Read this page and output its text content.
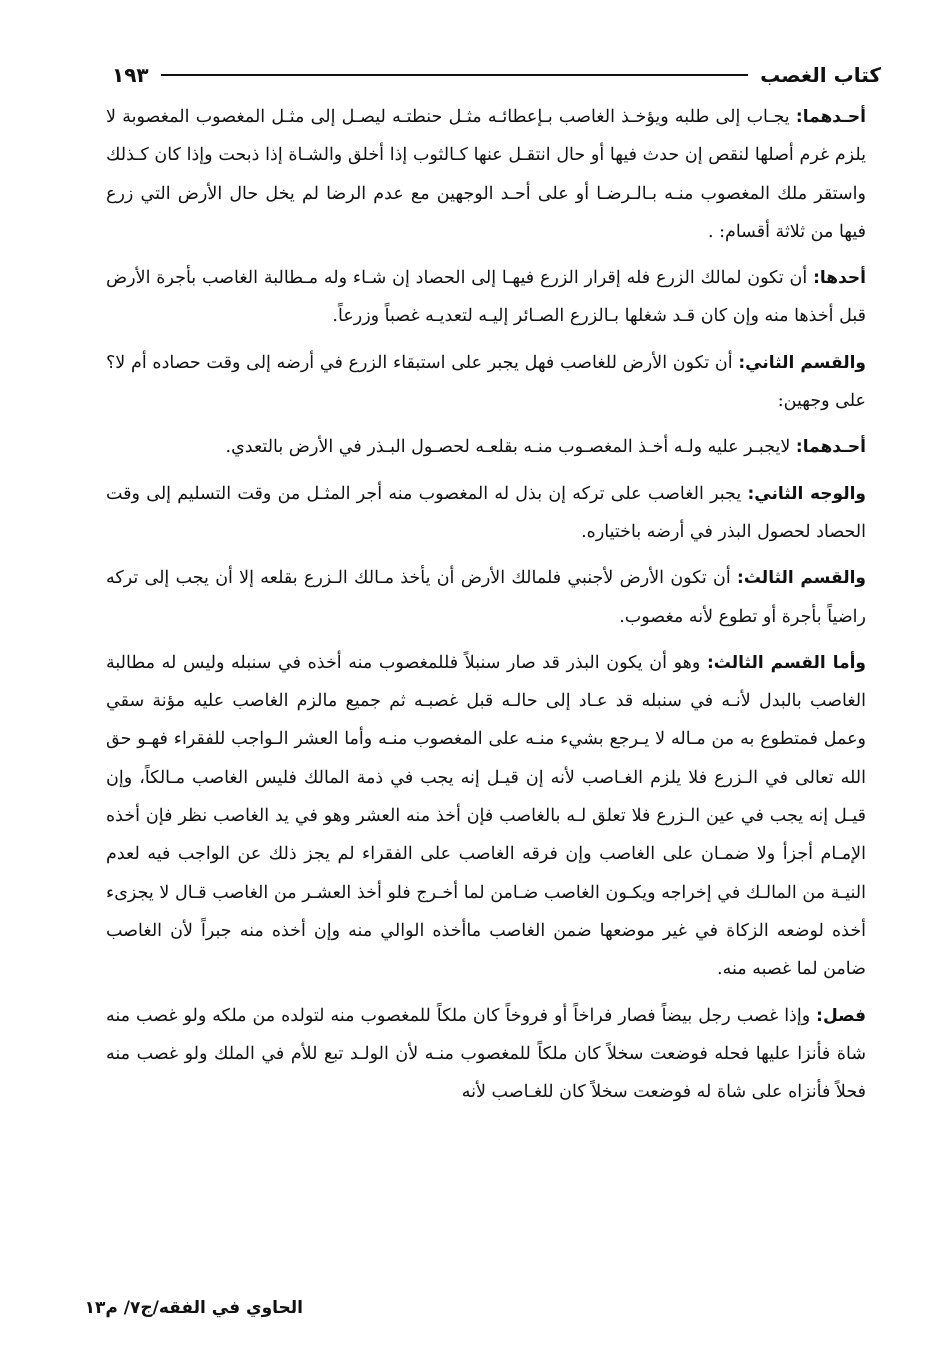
كتاب الغصب
١٩٣

أحـدهما: يجـاب إلى طلبه ويؤخـذ الغاصب بـإعطائـه مثـل حنطتـه ليصـل إلى مثـل المغصوب المغصوبة لا يلزم غرم أصلها لنقص إن حدث فيها أو حال انتقـل عنها كـالثوب إذا أخلق والشـاة إذا ذبحت وإذا كان كـذلك واستقر ملك المغصوب منـه بـالـرضـا أو على أحـد الوجهين مع عدم الرضا لم يخل حال الأرض التي زرع فيها من ثلاثة أقسام: .

أحدها: أن تكون لمالك الزرع فله إقرار الزرع فيهـا إلى الحصاد إن شـاء وله مـطالبة الغاصب بأجرة الأرض قبل أخذها منه وإن كان قـد شغلها بـالزرع الصـائر إليـه لتعديـه غصباً وزرعاً.

والقسم الثاني: أن تكون الأرض للغاصب فهل يجبر على استبقاء الزرع في أرضه إلى وقت حصاده أم لا؟ على وجهين:

أحـدهما: لايجبـر عليه ولـه أخـذ المغصـوب منـه بقلعـه لحصـول البـذر في الأرض بالتعدي.

والوجه الثاني: يجبر الغاصب على تركه إن بذل له المغصوب منه أجر المثـل من وقت التسليم إلى وقت الحصاد لحصول البذر في أرضه باختياره.

والقسم الثالث: أن تكون الأرض لأجنبي فلمالك الأرض أن يأخذ مـالك الـزرع بقلعه إلا أن يجب إلى تركه راضياً بأجرة أو تطوع لأنه مغصوب.

وأما القسم الثالث: وهو أن يكون البذر قد صار سنبلاً فللمغصوب منه أخذه في سنبله وليس له مطالبة الغاصب بالبدل لأنـه في سنبله قد عـاد إلى حالـه قبل غصبـه ثم جميع مالزم الغاصب عليه مؤنة سقي وعمل فمتطوع به من مـاله لا يـرجع بشيء منـه على المغصوب منـه وأما العشر الـواجب للفقراء فهـو حق الله تعالى في الـزرع فلا يلزم الغـاصب لأنه إن قيـل إنه يجب في ذمة المالك فليس الغاصب مـالكاً، وإن قيـل إنه يجب في عين الـزرع فلا تعلق لـه بالغاصب فإن أخذ منه العشر وهو في يد الغاصب نظر فإن أخذه الإمـام أجزأ ولا ضمـان على الغاصب وإن فرقه الغاصب على الفقراء لم يجز ذلك عن الواجب فيه لعدم النيـة من المالـك في إخراجه ويكـون الغاصب ضـامن لما أخـرج فلو أخذ العشـر من الغاصب قـال لا يجزىء أخذه لوضعه الزكاة في غير موضعها ضمن الغاصب ماأخذه الوالي منه وإن أخذه منه جبراً لأن الغاصب ضامن لما غصبه منه.

فصل: وإذا غصب رجل بيضاً فصار فراخاً أو فروخاً كان ملكاً للمغصوب منه لتولده من ملكه ولو غصب منه شاة فأنزا عليها فحله فوضعت سخلاً كان ملكاً للمغصوب منـه لأن الولـد تبع للأم في الملك ولو غصب منه فحلاً فأنزاه على شاة له فوضعت سخلاً كان للغـاصب لأنه

الحاوي في الفقه/ج٧/ م١٣
